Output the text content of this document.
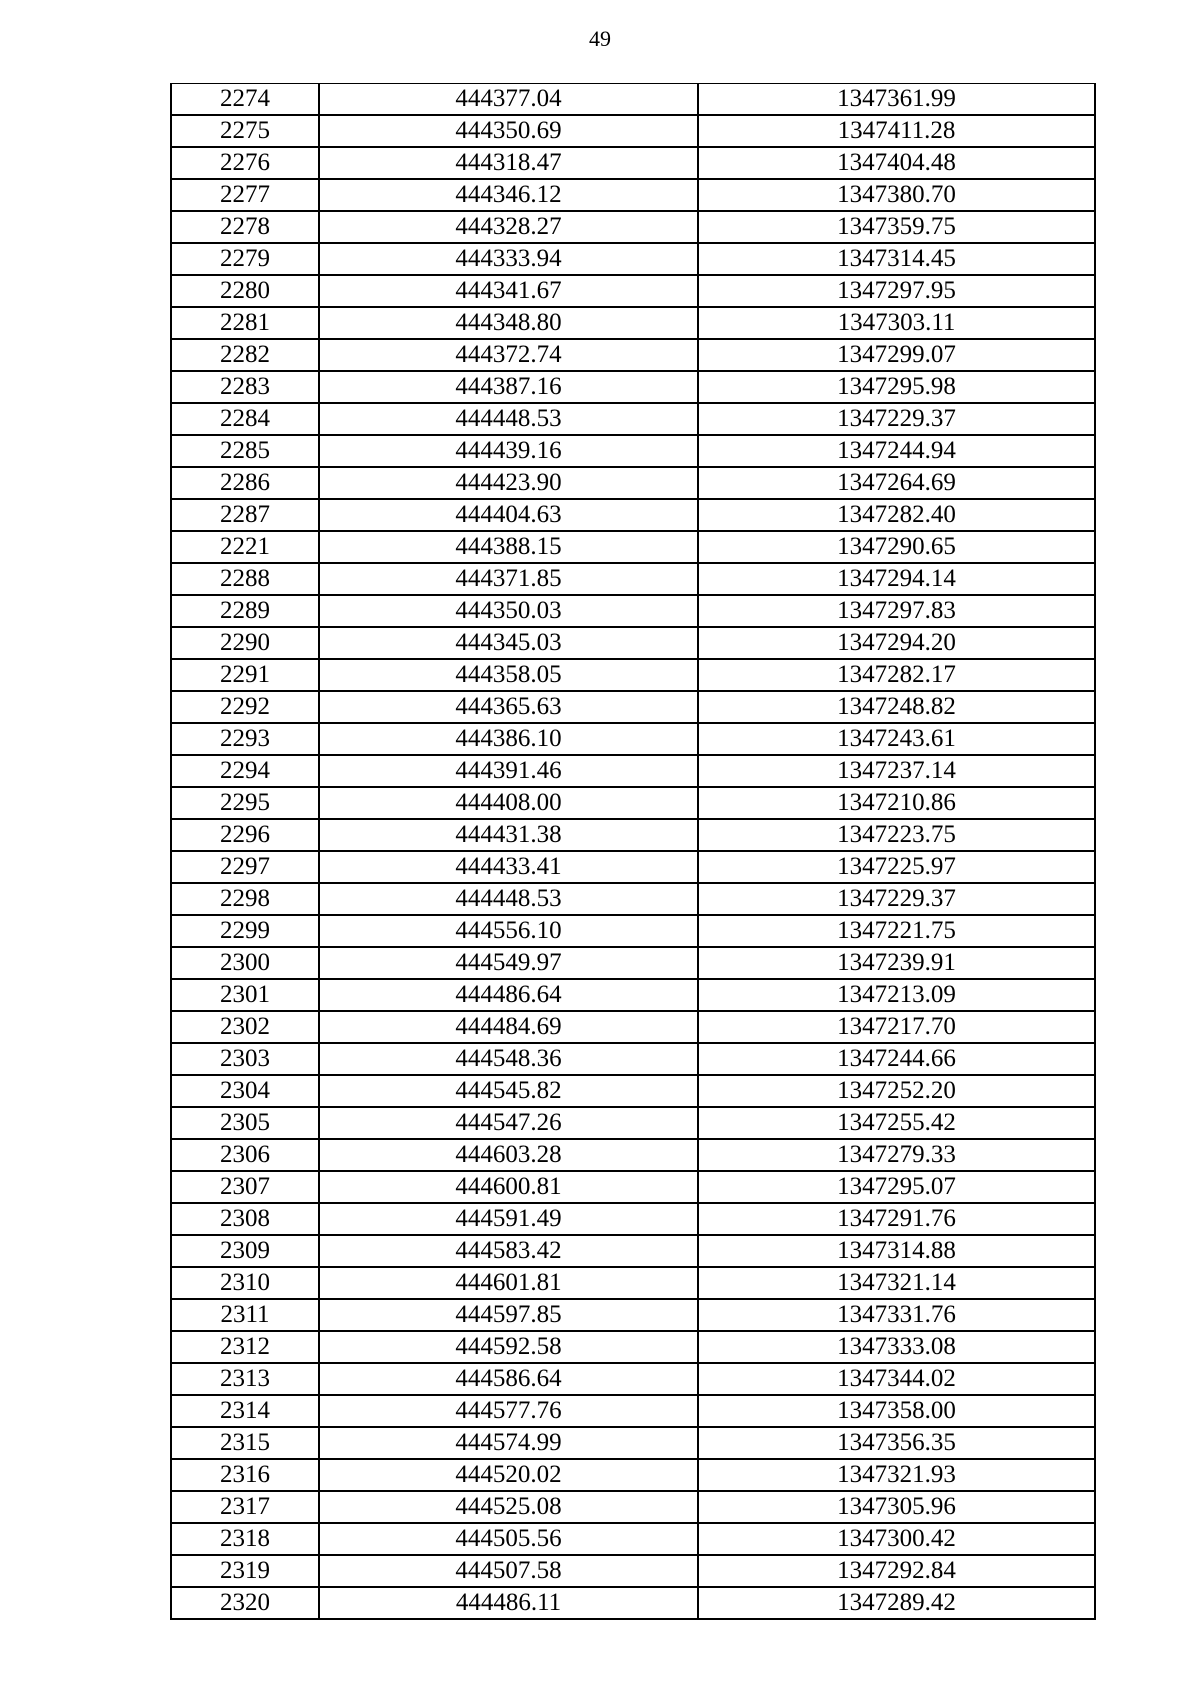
49
2274	444377.04	1347361.99
2275	444350.69	1347411.28
2276	444318.47	1347404.48
2277	444346.12	1347380.70
2278	444328.27	1347359.75
2279	444333.94	1347314.45
2280	444341.67	1347297.95
2281	444348.80	1347303.11
2282	444372.74	1347299.07
2283	444387.16	1347295.98
2284	444448.53	1347229.37
2285	444439.16	1347244.94
2286	444423.90	1347264.69
2287	444404.63	1347282.40
2221	444388.15	1347290.65
2288	444371.85	1347294.14
2289	444350.03	1347297.83
2290	444345.03	1347294.20
2291	444358.05	1347282.17
2292	444365.63	1347248.82
2293	444386.10	1347243.61
2294	444391.46	1347237.14
2295	444408.00	1347210.86
2296	444431.38	1347223.75
2297	444433.41	1347225.97
2298	444448.53	1347229.37
2299	444556.10	1347221.75
2300	444549.97	1347239.91
2301	444486.64	1347213.09
2302	444484.69	1347217.70
2303	444548.36	1347244.66
2304	444545.82	1347252.20
2305	444547.26	1347255.42
2306	444603.28	1347279.33
2307	444600.81	1347295.07
2308	444591.49	1347291.76
2309	444583.42	1347314.88
2310	444601.81	1347321.14
2311	444597.85	1347331.76
2312	444592.58	1347333.08
2313	444586.64	1347344.02
2314	444577.76	1347358.00
2315	444574.99	1347356.35
2316	444520.02	1347321.93
2317	444525.08	1347305.96
2318	444505.56	1347300.42
2319	444507.58	1347292.84
2320	444486.11	1347289.42
